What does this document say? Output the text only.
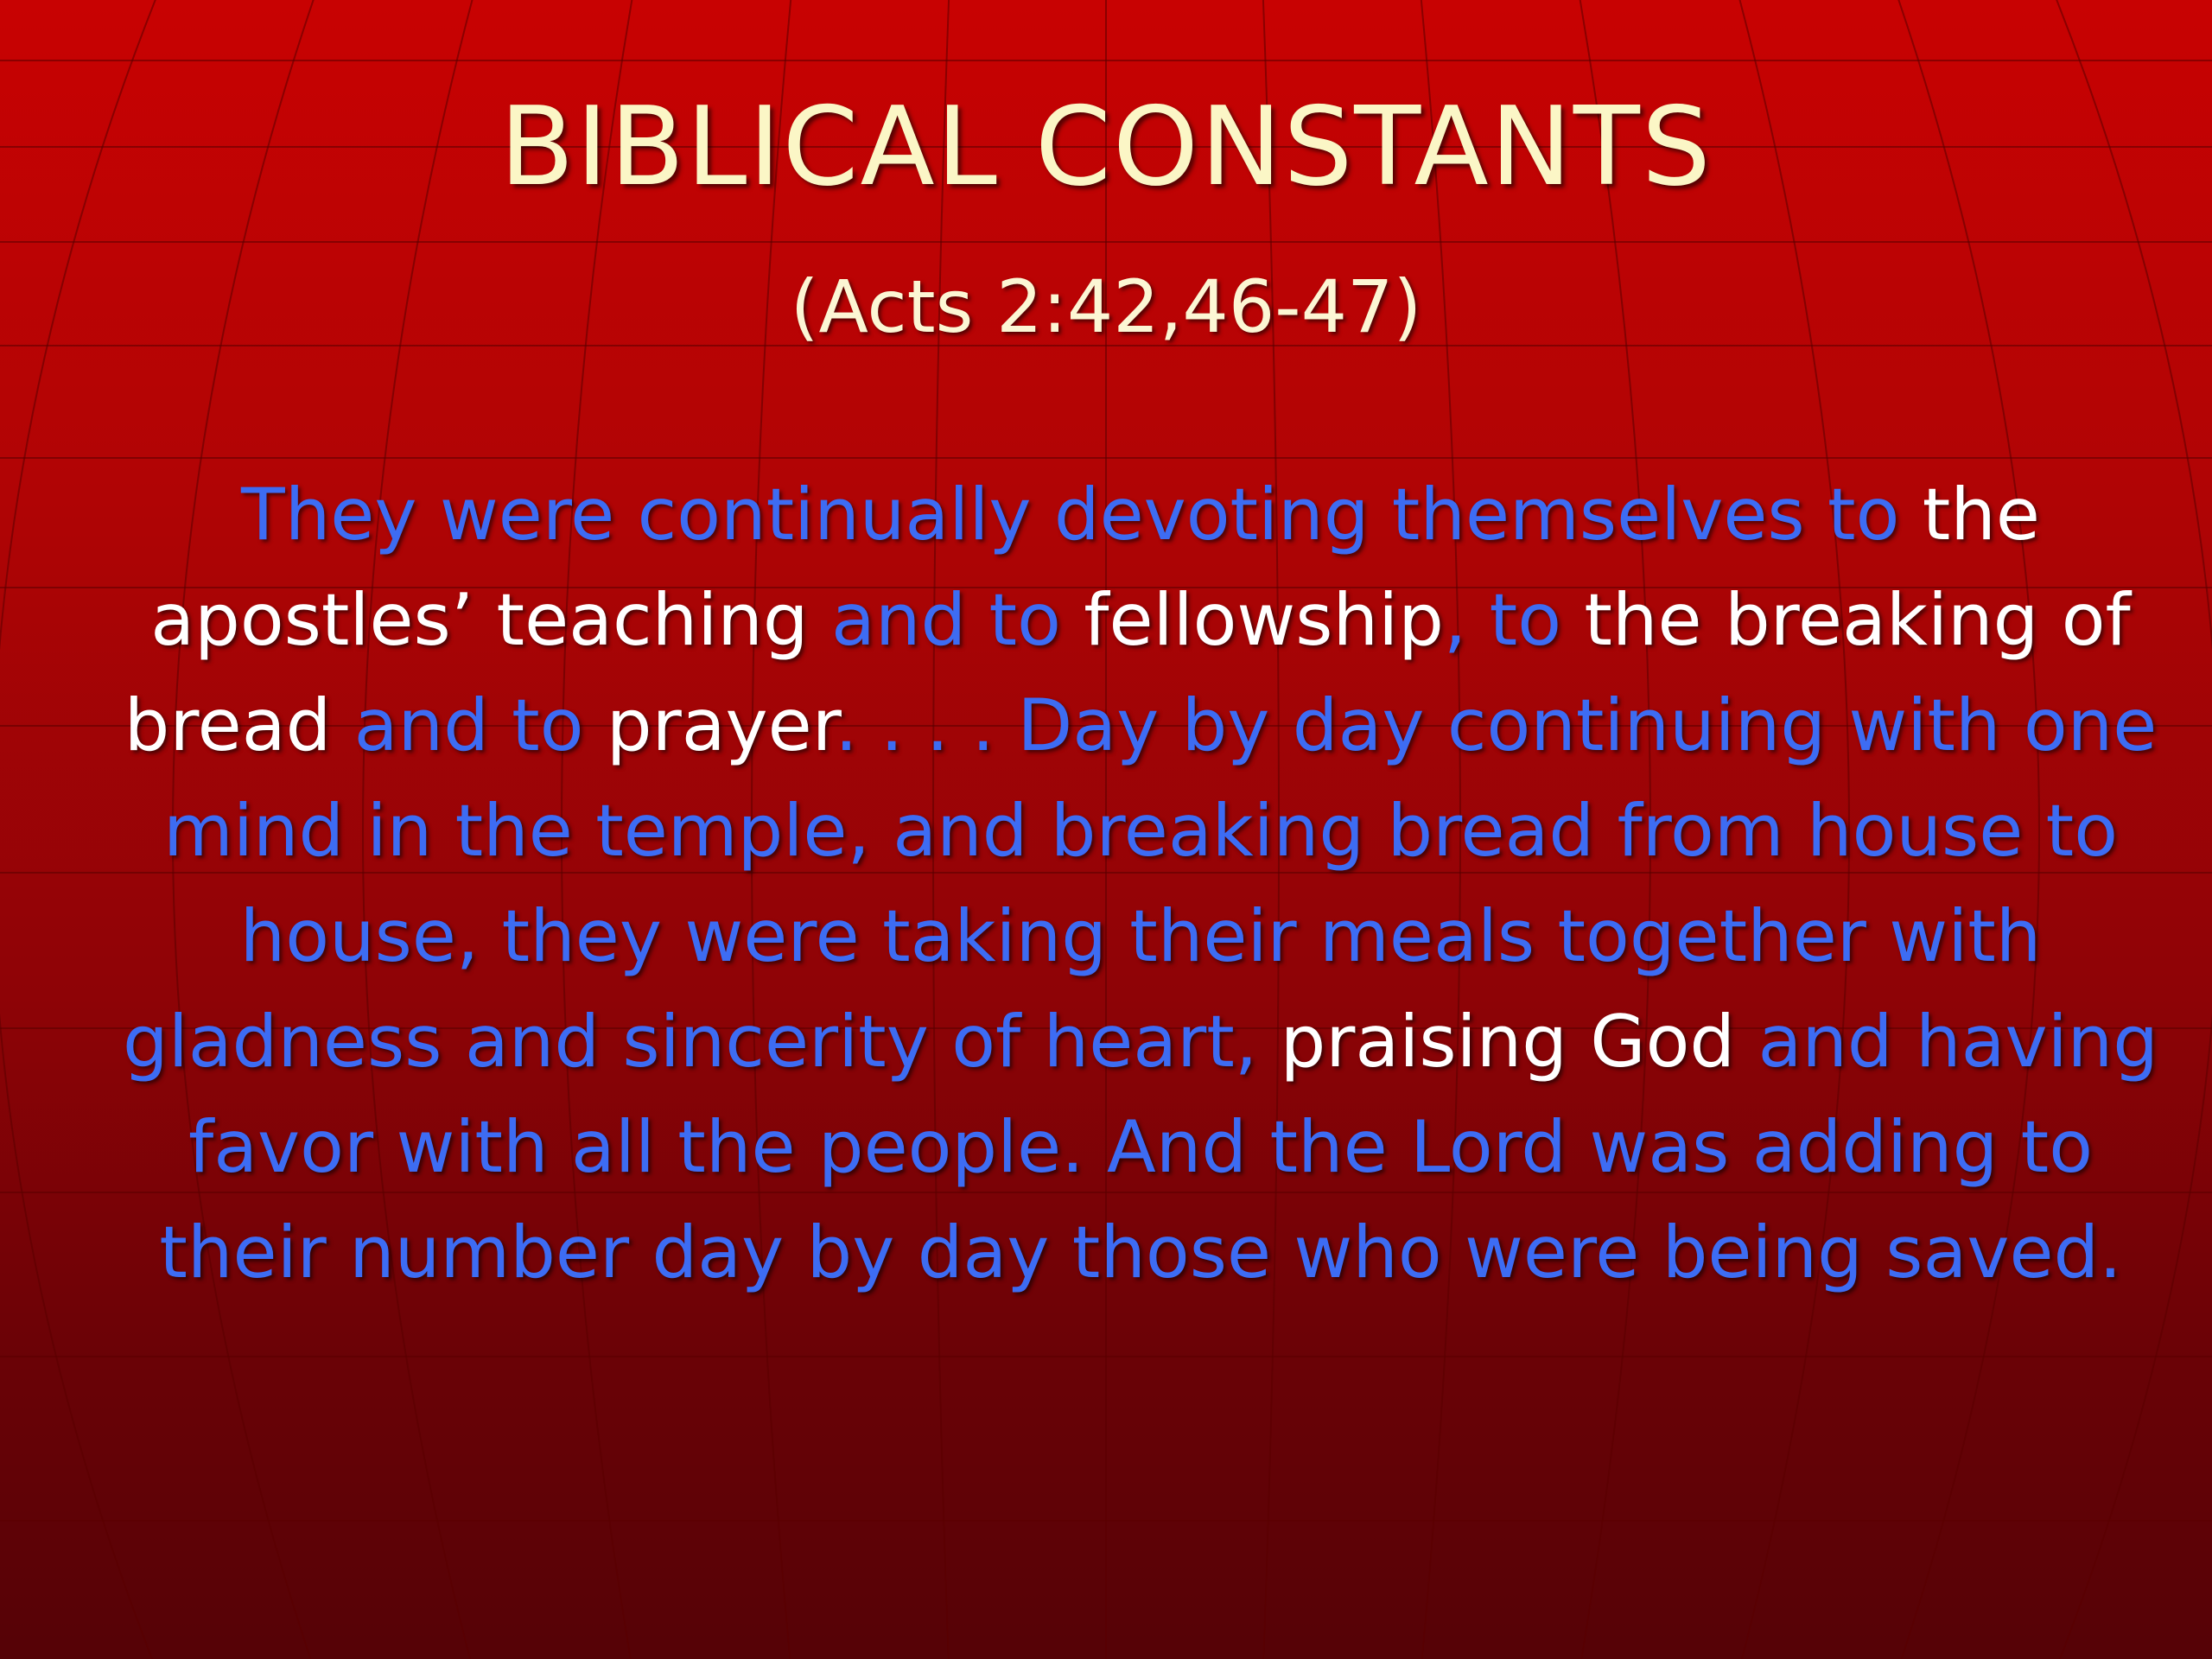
BIBLICAL CONSTANTS

(Acts 2:42,46-47)

They were continually devoting themselves to the apostles’ teaching and to fellowship, to the breaking of bread and to prayer. . . . Day by day continuing with one mind in the temple, and breaking bread from house to house, they were taking their meals together with gladness and sincerity of heart, praising God and having favor with all the people. And the Lord was adding to their number day by day those who were being saved.
